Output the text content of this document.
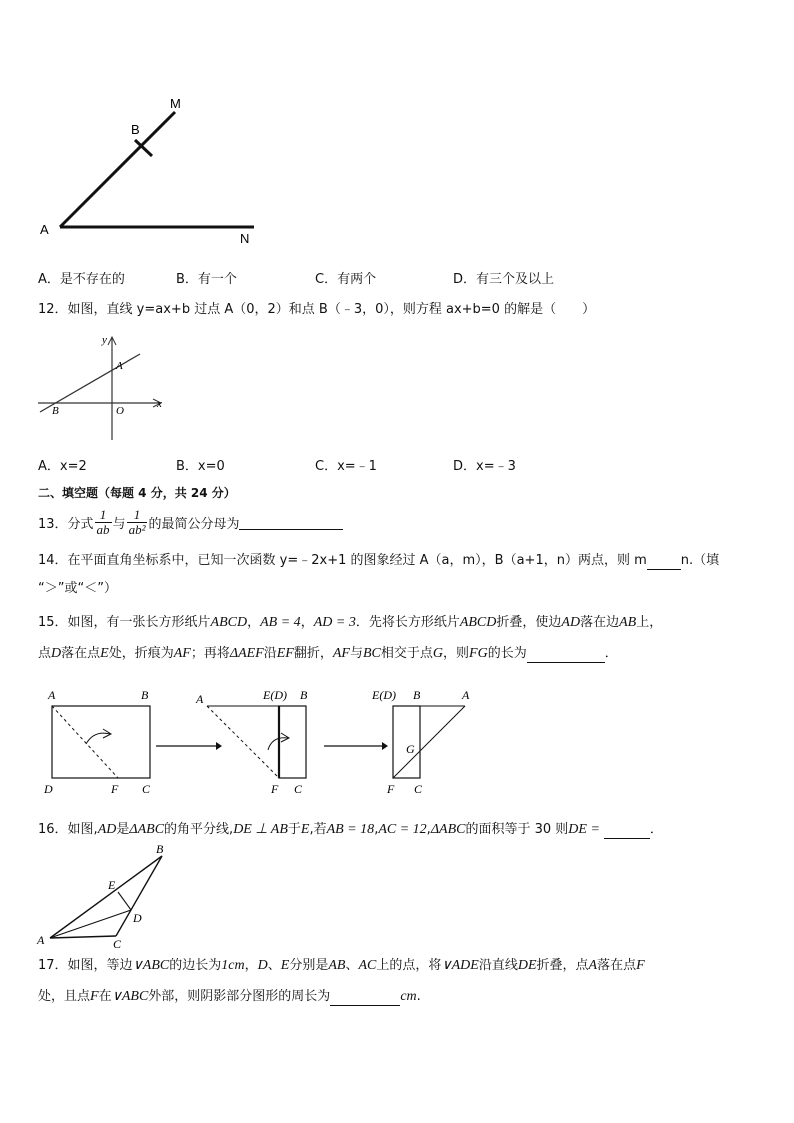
M
B
A
N
A．是不存在的	B．有一个	C．有两个	D．有三个及以上
12．如图，直线 y=ax+b 过点 A（0，2）和点 B（﹣3，0），则方程 ax+b=0 的解是（　　）
y
x
A
B	O
A．x=2	B．x=0	C．x=﹣1	D．x=﹣3
二、填空题（每题 4 分，共 24 分）
13．分式 $\frac{1}{ab}$ 与 $\frac{1}{\text{ab²}}$ 的最简公分母为
14．在平面直角坐标系中，已知一次函数 y=﹣2x+1 的图象经过 A（a，m），B（a+1，n）两点，则 m	n.（填
“＞”或“＜”）
15．如图，有一张长方形纸片ABCD，AB = 4，AD = 3．先将长方形纸片ABCD折叠，使边AD落在边AB上，
点D落在点E处，折痕为AF；再将ΔAEF沿EF翻折，AF与BC相交于点G，则FG的长为	．
A	B
D	F C
A	E(D) B
F C
E(D) B	A
G
F C
16．如图,AD是ΔABC的角平分线,DE ⊥ AB于E,若AB = 18,AC = 12,ΔABC的面积等于 30 则DE =	．
B
E
D
A	C
17．如图，等边∨ABC的边长为1cm，D、E分别是AB、AC上的点，将∨ADE沿直线DE折叠，点A落在点F
处，且点F在∨ABC外部，则阴影部分图形的周长为	cm.
